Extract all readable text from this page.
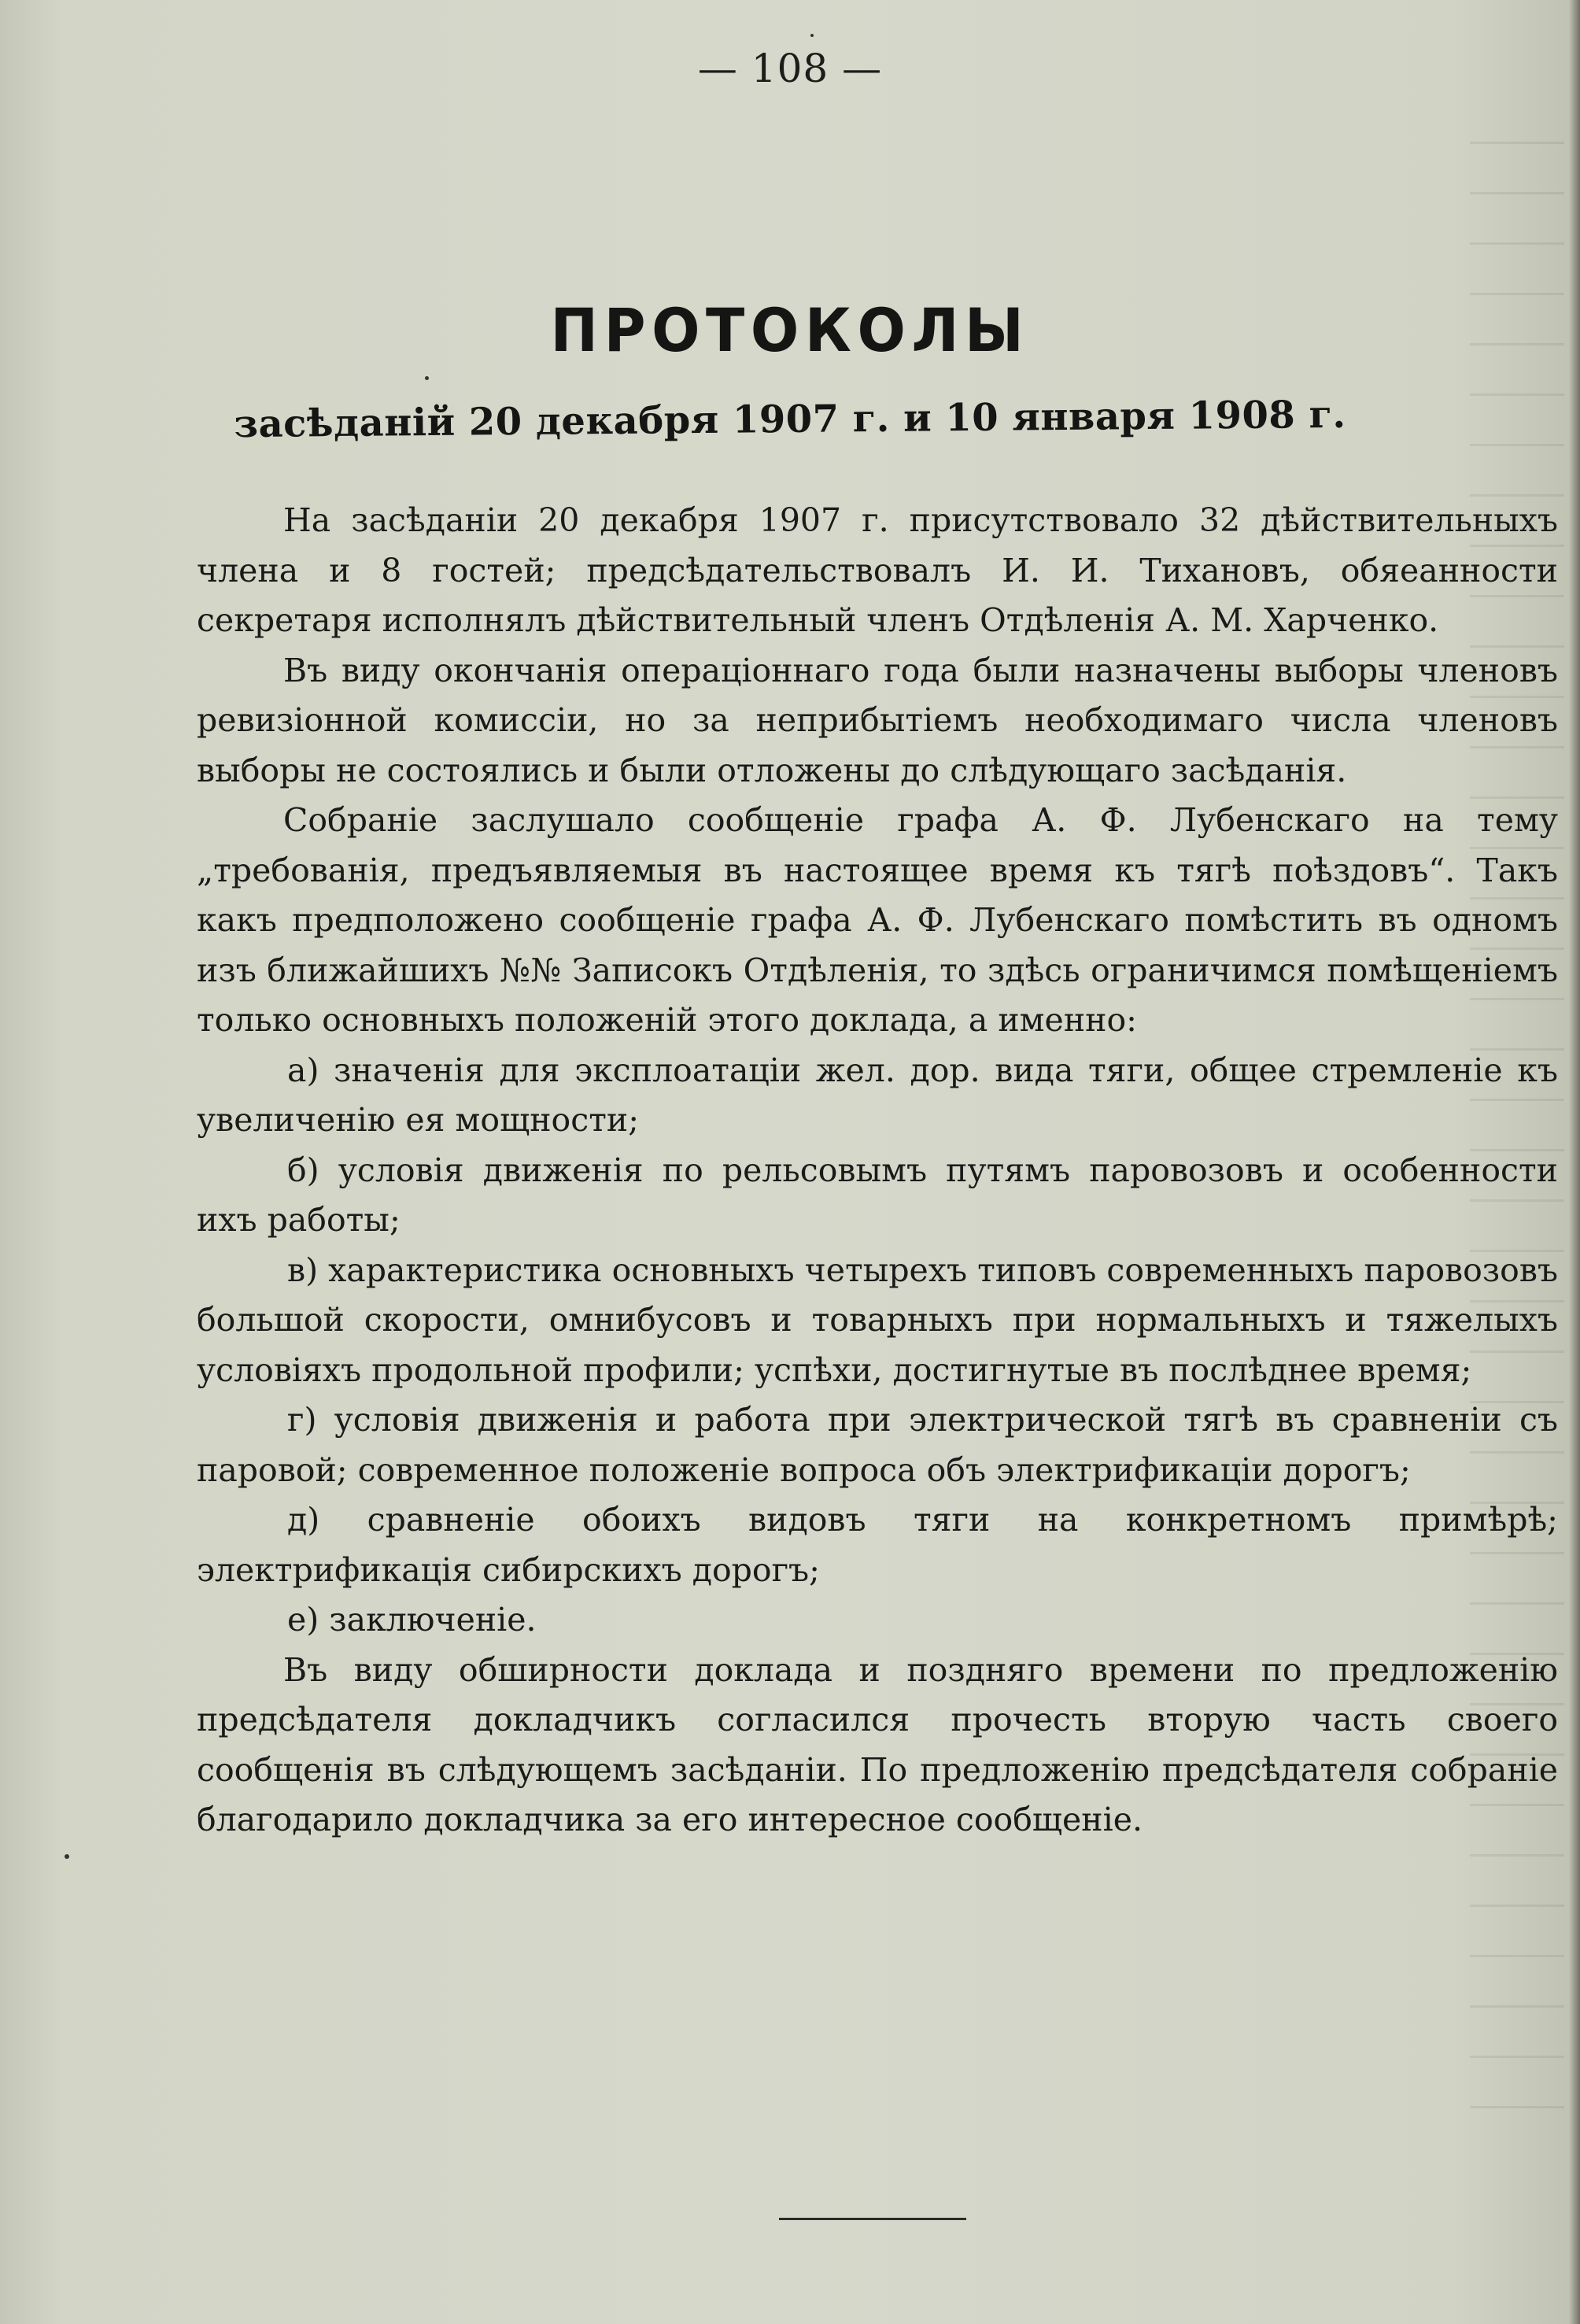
— 108 —
ПРОТОКОЛЫ
засѣданій 20 декабря 1907 г. и 10 января 1908 г.

На засѣданіи 20 декабря 1907 г. присутствовало 32 дѣйствительныхъ члена и 8 гостей; предсѣдательствовалъ И. И. Тихановъ, обяеанности секретаря исполнялъ дѣйствительный членъ Отдѣленія А. М. Харченко.

Въ виду окончанія операціоннаго года были назначены выборы членовъ ревизіонной комиссіи, но за неприбытіемъ необходимаго числа членовъ выборы не состоялись и были отложены до слѣдующаго засѣданія.

Собраніе заслушало сообщеніе графа А. Ф. Лубенскаго на тему „требованія, предъявляемыя въ настоящее время къ тягѣ поѣздовъ“. Такъ какъ предположено сообщеніе графа А. Ф. Лубенскаго помѣстить въ одномъ изъ ближайшихъ №№ Записокъ Отдѣленія, то здѣсь ограничимся помѣщеніемъ только основныхъ положеній этого доклада, а именно:

а) значенія для эксплоатаціи жел. дор. вида тяги, общее стремленіе къ увеличенію ея мощности;

б) условія движенія по рельсовымъ путямъ паровозовъ и особенности ихъ работы;

в) характеристика основныхъ четырехъ типовъ современныхъ паровозовъ большой скорости, омнибусовъ и товарныхъ при нормальныхъ и тяжелыхъ условіяхъ продольной профили; успѣхи, достигнутые въ послѣднее время;

г) условія движенія и работа при электрической тягѣ въ сравненіи съ паровой; современное положеніе вопроса объ электрификаціи дорогъ;

д) сравненіе обоихъ видовъ тяги на конкретномъ примѣрѣ; электрификація сибирскихъ дорогъ;

е) заключеніе.

Въ виду обширности доклада и поздняго времени по предложенію предсѣдателя докладчикъ согласился прочесть вторую часть своего сообщенія въ слѣдующемъ засѣданіи. По предложенію предсѣдателя собраніе благодарило докладчика за его интересное сообщеніе.
